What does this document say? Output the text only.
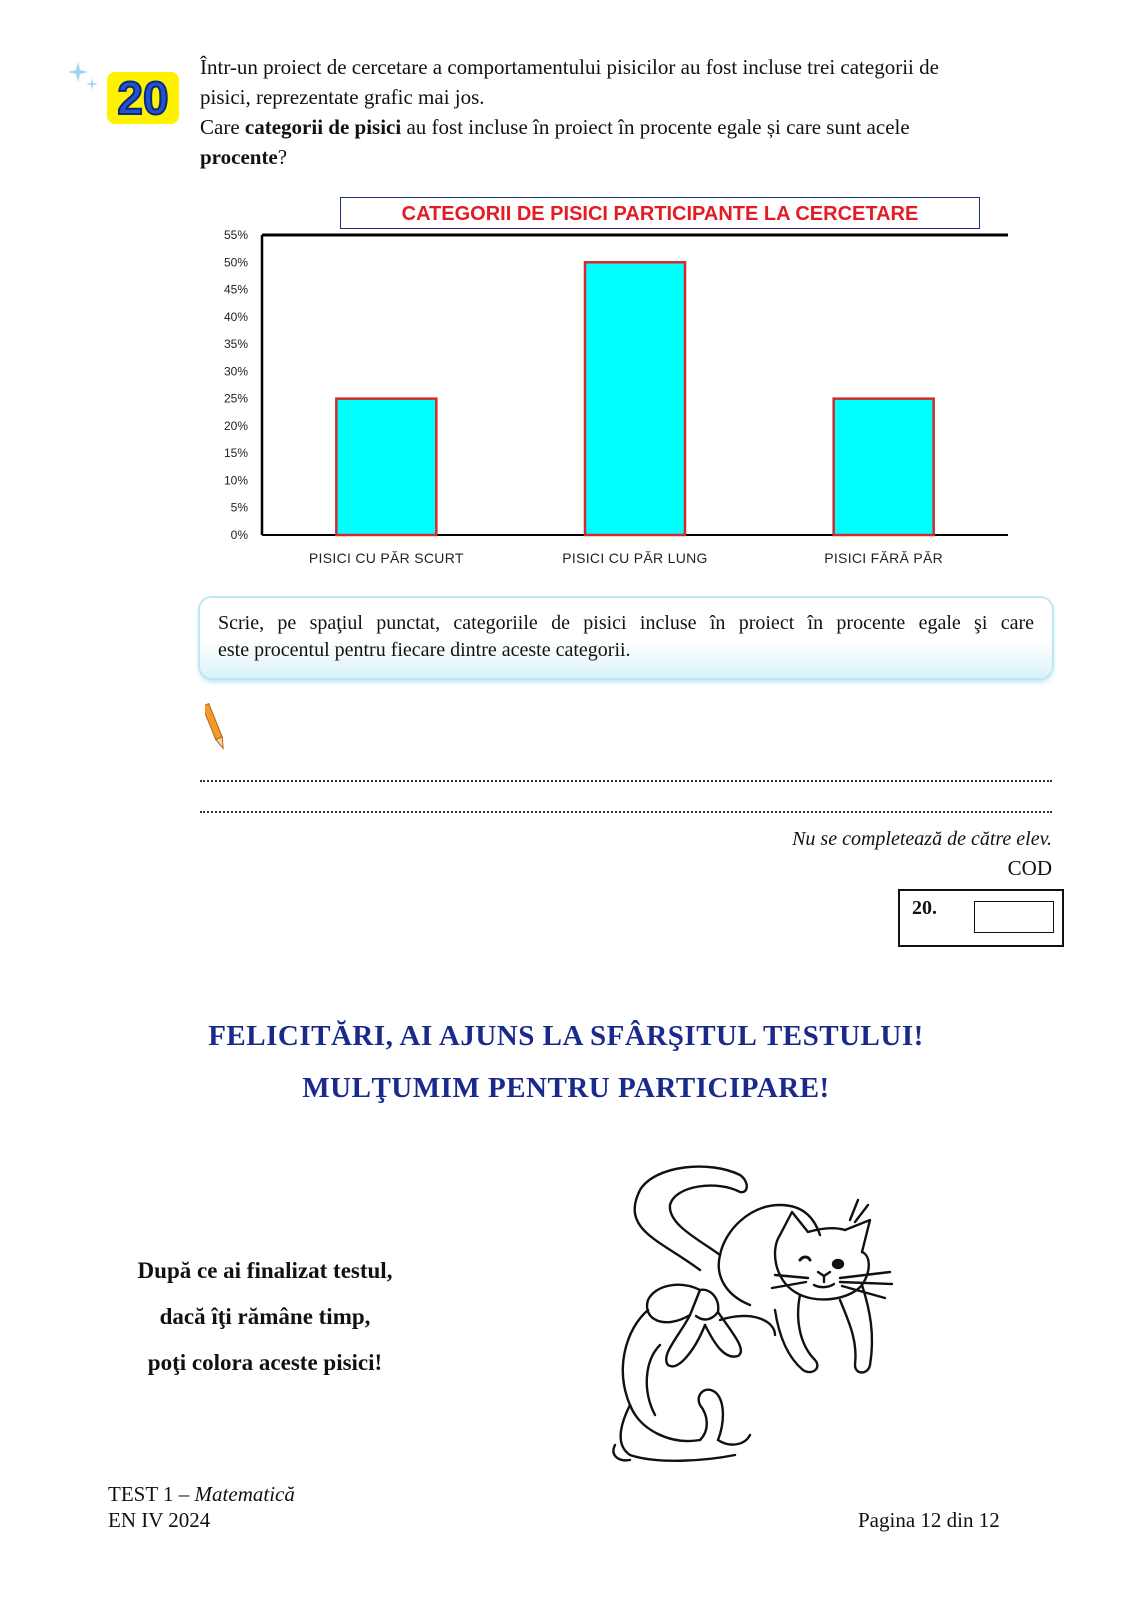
20

Într-un proiect de cercetare a comportamentului pisicilor au fost incluse trei categorii de

pisici, reprezentate grafic mai jos.

Care categorii de pisici au fost incluse în proiect în procente egale și care sunt acele

procente?

CATEGORII DE PISICI PARTICIPANTE LA CERCETARE
0%
5%
10%
15%
20%
25%
30%
35%
40%
45%
50%
55%
PISICI CU PĂR SCURT	PISICI CU PĂR LUNG	PISICI FĂRĂ PĂR
Scrie, pe spaţiul punctat, categoriile de pisici incluse în proiect în procente egale şi care
este procentul pentru fiecare dintre aceste categorii.
Nu se completează de către elev.
COD
20.
FELICITĂRI, AI AJUNS LA SFÂRŞITUL TESTULUI!
MULŢUMIM PENTRU PARTICIPARE!
După ce ai finalizat testul,
dacă îţi rămâne timp,
poţi colora aceste pisici!
TEST 1 – Matematică
EN IV 2024	Pagina 12 din 12
